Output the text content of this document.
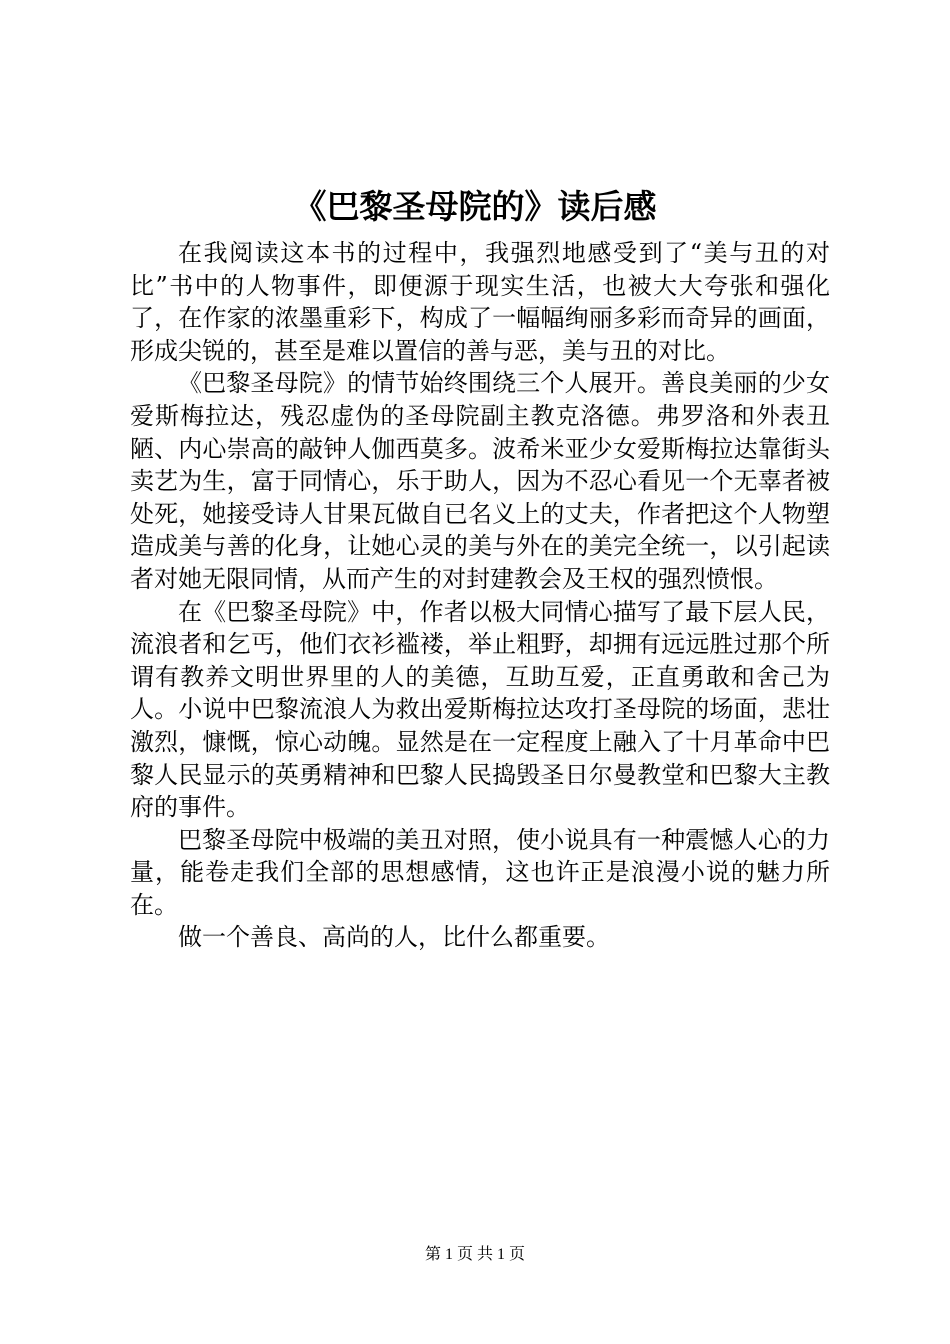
《巴黎圣母院的》读后感

在我阅读这本书的过程中，我强烈地感受到了“美与丑的对比”书中的人物事件，即便源于现实生活，也被大大夸张和强化了，在作家的浓墨重彩下，构成了一幅幅绚丽多彩而奇异的画面，形成尖锐的，甚至是难以置信的善与恶，美与丑的对比。

《巴黎圣母院》的情节始终围绕三个人展开。善良美丽的少女爱斯梅拉达，残忍虚伪的圣母院副主教克洛德。弗罗洛和外表丑陋、内心崇高的敲钟人伽西莫多。波希米亚少女爱斯梅拉达靠街头卖艺为生，富于同情心，乐于助人，因为不忍心看见一个无辜者被处死，她接受诗人甘果瓦做自已名义上的丈夫，作者把这个人物塑造成美与善的化身，让她心灵的美与外在的美完全统一，以引起读者对她无限同情，从而产生的对封建教会及王权的强烈愤恨。

在《巴黎圣母院》中，作者以极大同情心描写了最下层人民，流浪者和乞丐，他们衣衫褴褛，举止粗野，却拥有远远胜过那个所谓有教养文明世界里的人的美德，互助互爱，正直勇敢和舍己为人。小说中巴黎流浪人为救出爱斯梅拉达攻打圣母院的场面，悲壮激烈，慷慨，惊心动魄。显然是在一定程度上融入了十月革命中巴黎人民显示的英勇精神和巴黎人民捣毁圣日尔曼教堂和巴黎大主教府的事件。

巴黎圣母院中极端的美丑对照，使小说具有一种震憾人心的力量，能卷走我们全部的思想感情，这也许正是浪漫小说的魅力所在。

做一个善良、高尚的人，比什么都重要。

第 1 页 共 1 页
